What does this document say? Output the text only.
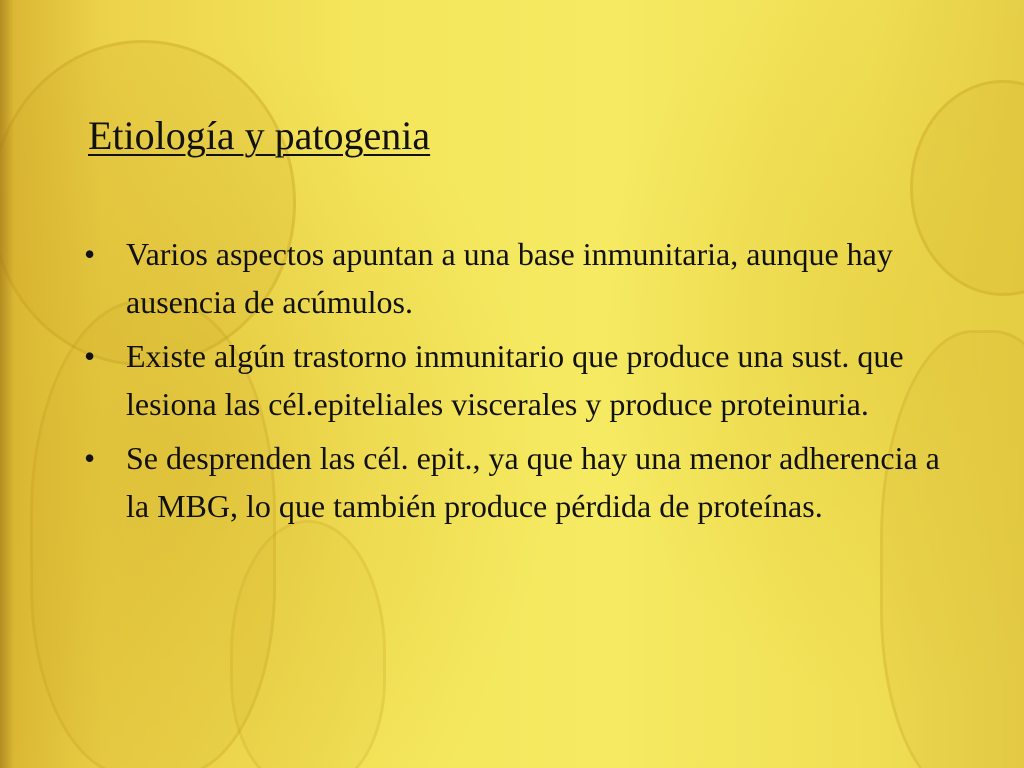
Etiología y patogenia
• Varios aspectos apuntan a una base inmunitaria, aunque hay ausencia de acúmulos.
• Existe algún trastorno inmunitario que produce una sust. que lesiona las cél.epiteliales viscerales y produce proteinuria.
• Se desprenden las cél. epit., ya que hay una menor adherencia a la MBG, lo que también produce pérdida de proteínas.
